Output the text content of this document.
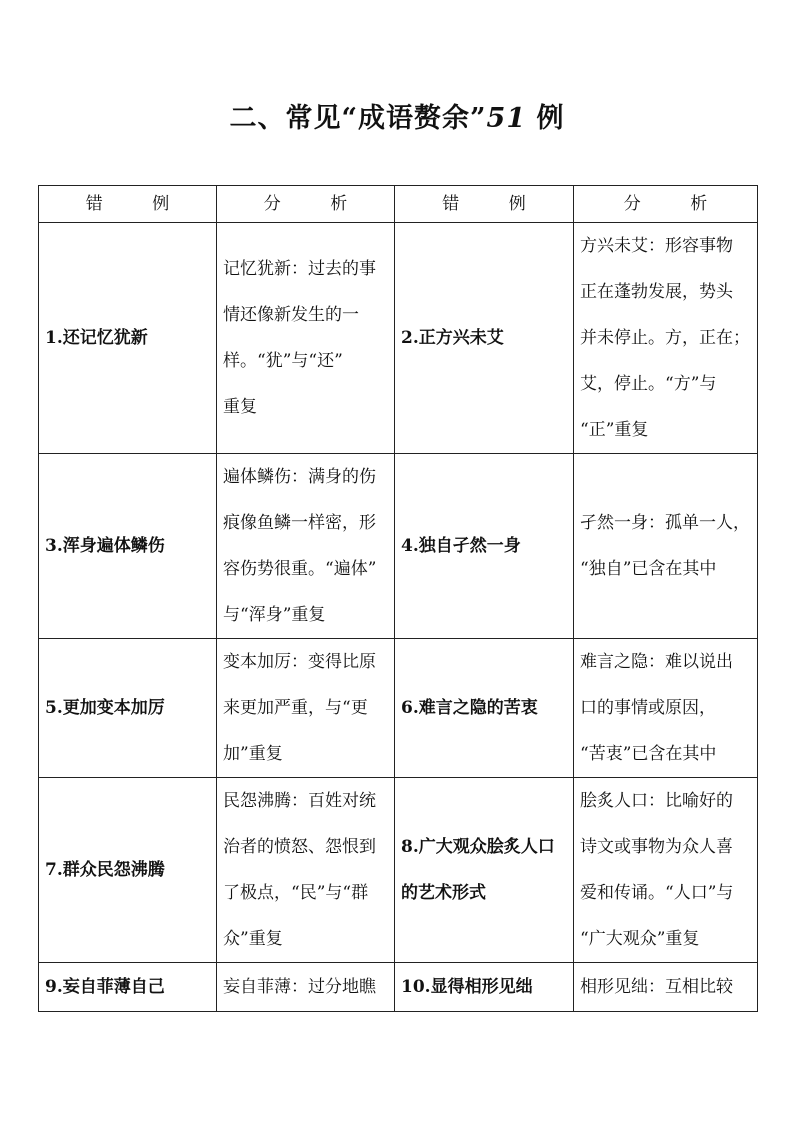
二、常见“成语赘余”51 例
错 例	分 析	错 例	分 析
1.还记忆犹新	记忆犹新：过去的事
情还像新发生的一
样。“犹”与“还”
重复	2.正方兴未艾	方兴未艾：形容事物
正在蓬勃发展，势头
并未停止。方，正在；
艾，停止。“方”与
“正”重复

3.浑身遍体鳞伤	遍体鳞伤：满身的伤
痕像鱼鳞一样密，形
容伤势很重。“遍体”
与“浑身”重复	4.独自孑然一身	孑然一身：孤单一人，
“独自”已含在其中

5.更加变本加厉	变本加厉：变得比原
来更加严重，与“更
加”重复	6.难言之隐的苦衷	难言之隐：难以说出
口的事情或原因，
“苦衷”已含在其中

7.群众民怨沸腾	民怨沸腾：百姓对统
治者的愤怒、怨恨到
了极点，“民”与“群
众”重复	8.广大观众脍炙人口的艺术形式	脍炙人口：比喻好的
诗文或事物为众人喜
爱和传诵。“人口”与
“广大观众”重复

9.妄自菲薄自己	妄自菲薄：过分地瞧	10.显得相形见绌	相形见绌：互相比较
